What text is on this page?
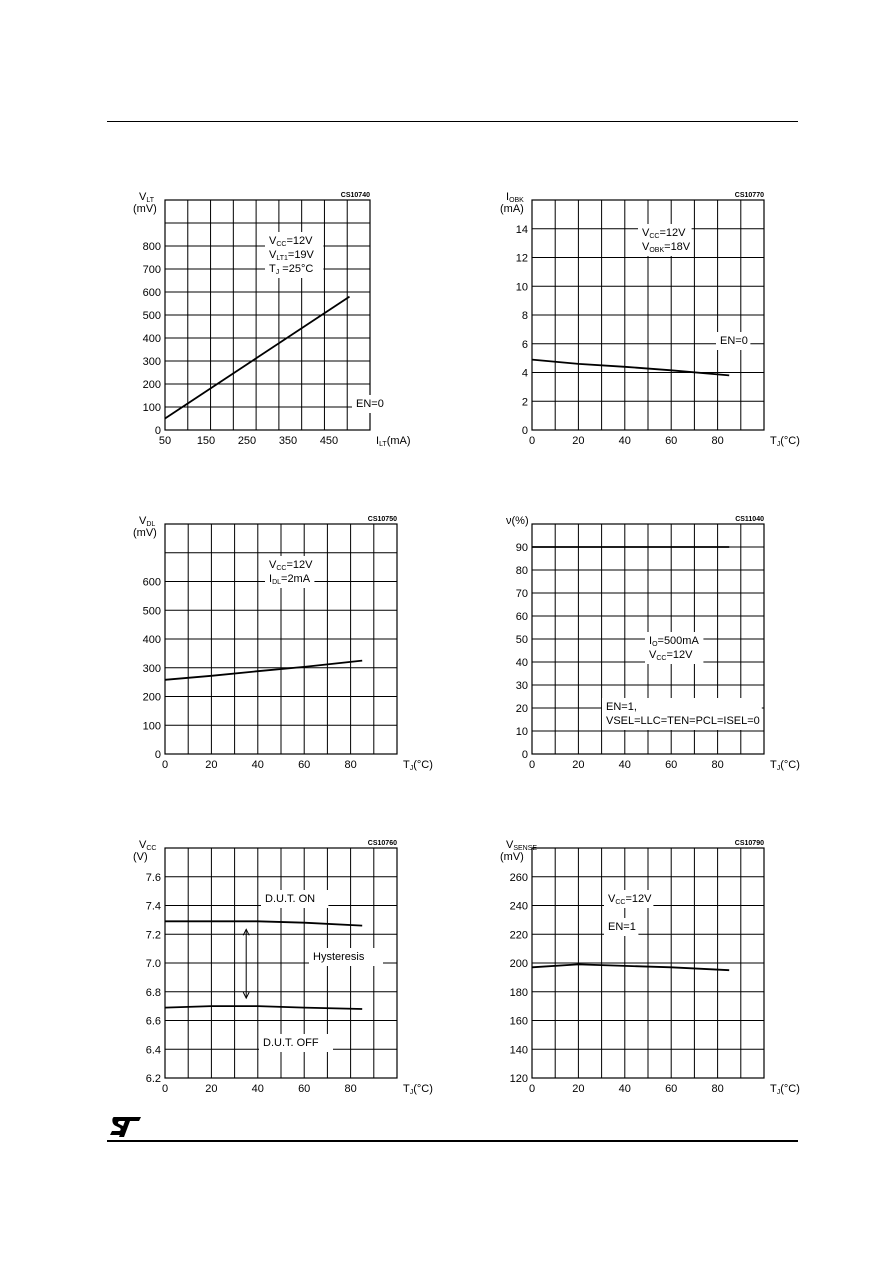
VCC=12V
VLT1=19V
TJ =25°C
EN=0
0
100
200
300
400
500
600
700
800
50 150 250 350 450
VLT
(mV)
ILT(mA)
CS10740
VCC=12V
VOBK=18V
EN=0
0
2
4
6
8
10
12
14
0	20	40	60	80
IOBK
(mA)
TJ(°C)
CS10770
VCC=12V
IDL=2mA
0
100
200
300
400
500
600
0	20	40	60	80
VDL
(mV)
TJ(°C)
CS10750
IO=500mA
VCC=12V
EN=1,
VSEL=LLC=TEN=PCL=ISEL=0
0
10
20
30
40
50
60
70
80
90
0	20	40	60	80
ν(%)
TJ(°C)
CS11040
D.U.T. ON
Hysteresis
D.U.T. OFF
6.2
6.4
6.6
6.8
7.0
7.2
7.4
7.6
0	20	40	60	80
VCC
(V)
TJ(°C)
CS10760
VCC=12V
EN=1
120
140
160
180
200
220
240
260
0	20	40	60	80
VSENSE
(mV)
TJ(°C)
CS10790
